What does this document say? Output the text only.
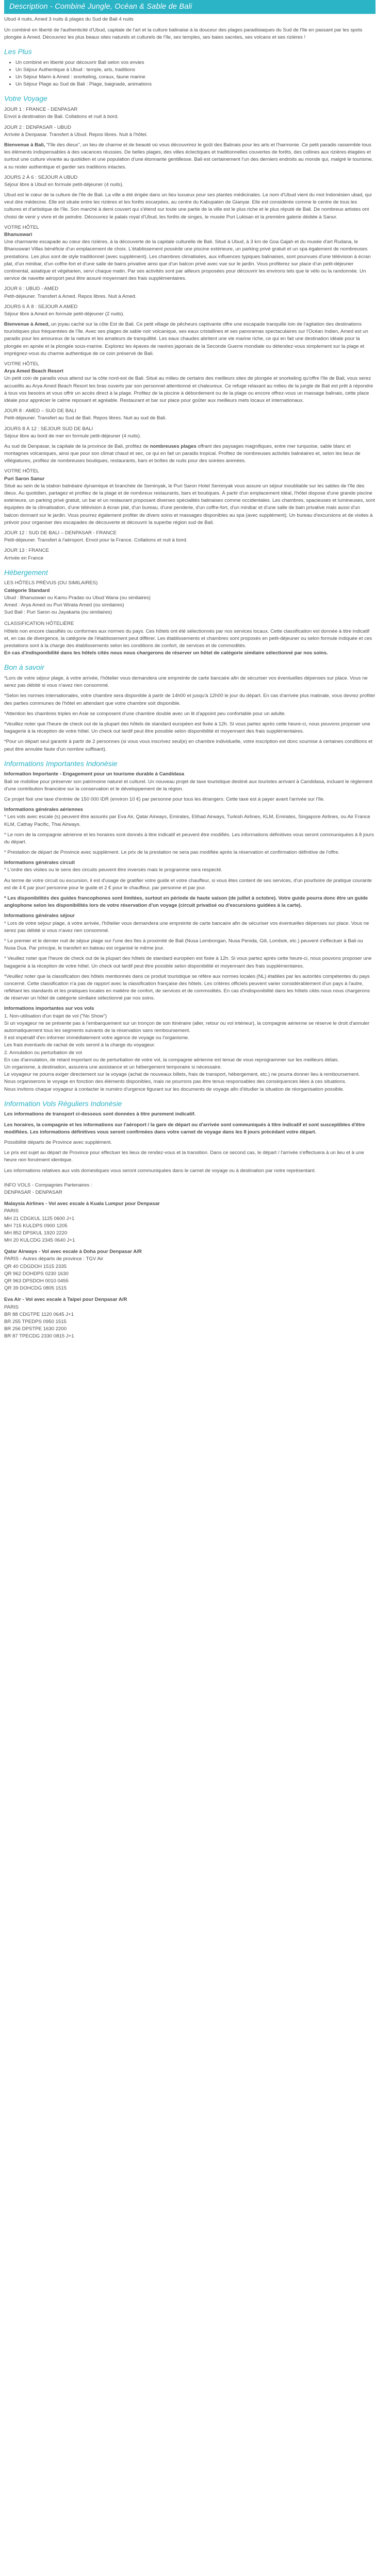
Description - Combiné Jungle, Océan & Sable de Bali

Ubud 4 nuits, Amed 3 nuits & plages du Sud de Bali 4 nuits

Un combiné en liberté de l'authenticité d'Ubud, capitale de l'art et la culture balinaise à la douceur des plages paradisiaques du Sud de l'île en passant par les spots plongée à Amed. Découvrez les plus beaux sites naturels et culturels de l'île, ses temples, ses baies sacrées, ses volcans et ses rizières !

Les Plus
• Un combiné en liberté pour découvrir Bali selon vos envies
• Un Séjour Authentique à Ubud : temple, arts, traditions
• Un Séjour Marin à Amed : snorkeling, coraux, faune marine
• Un Séjour Plage au Sud de Bali : Plage, baignade, animations
Votre Voyage
JOUR 1 : FRANCE - DENPASAR

Envol à destination de Bali. Collations et nuit à bord.

JOUR 2 : DENPASAR - UBUD

Arrivée à Denpasar. Transfert à Ubud. Repos libres. Nuit à l'hôtel.

Bienvenue à Bali, "l'île des dieux", un lieu de charme et de beauté où vous découvrirez le goût des Balinais pour les arts et l'harmonie. Ce petit paradis rassemble tous les éléments indispensables à des vacances réussies. De belles plages, des villes éclectiques et traditionnelles couvertes de forêts, des collines aux rizières étagées et surtout une culture vivante au quotidien et une population d'une étonnante gentillesse. Bali est certainement l'un des derniers endroits au monde qui, malgré le tourisme, a su rester authentique et garder ses traditions intactes.

JOURS 2 À 6 : SEJOUR A UBUD

Séjour libre à Ubud en formule petit-déjeuner (4 nuits).

Ubud est le cœur de la culture de l'île de Bali. La ville a été érigée dans un lieu luxueux pour ses plantes médicinales. Le nom d'Ubud vient du mot Indonésien ubad, qui veut dire médecine. Elle est située entre les rizières et les forêts escarpées, au centre du Kabupaten de Gianyar. Elle est considérée comme le centre de tous les cultures et d'artistique de l'île. Son marché à demi couvert qui s'étend sur toute une partie de la ville est le plus riche et le plus réputé de Bali. De nombreux artistes ont choisi de venir y vivre et de peindre. Découvrez le palais royal d'Ubud, les forêts de singes, le musée Puri Lukisan et la première galerie dédiée à Sanur.

VOTRE HÔTEL
Bhanuswari

Une charmante escapade au cœur des rizières, à la découverte de la capitale culturelle de Bali. Situé à Ubud, à 3 km de Goa Gajah et du musée d'art Rudana, le Bhanuswari Villas bénéficie d'un emplacement de choix. L'établissement possède une piscine extérieure, un parking privé gratuit et un spa également de nombreuses prestations. Les plus sont de style traditionnel (avec supplément). Les chambres climatisées, aux influences typiques balinaises, sont pourvues d'une télévision à écran plat, d'un minibar, d'un coffre-fort et d'une salle de bains privative ainsi que d'un balcon privé avec vue sur le jardin. Vous profiterez sur place d'un petit-déjeuner continental, asiatique et végétarien, servi chaque matin. Par ses activités sont par ailleurs proposées pour découvrir les environs tels que le vélo ou la randonnée. Un service de navette aéroport peut être assuré moyennant des frais supplémentaires.

JOUR 6 : UBUD - AMED

Petit-déjeuner. Transfert à Amed. Repos libres. Nuit à Amed.

JOURS 6 À 8 : SEJOUR A AMED

Séjour libre à Amed en formule petit-déjeuner (2 nuits).

Bienvenue à Amed, un joyau caché sur la côte Est de Bali. Ce petit village de pêcheurs captivante offre une escapade tranquille loin de l'agitation des destinations touristiques plus fréquentées de l'île. Avec ses plages de sable noir volcanique, ses eaux cristallines et ses panoramas spectaculaires sur l'Océan Indien, Amed est un paradis pour les amoureux de la nature et les amateurs de tranquillité. Les eaux chaudes abritent une vie marine riche, ce qui en fait une destination idéale pour la plongée en apnée et la plongée sous-marine. Explorez les épaves de navires japonais de la Seconde Guerre mondiale ou détendez-vous simplement sur la plage et imprégnez-vous du charme authentique de ce coin préservé de Bali.

VOTRE HÔTEL
Arya Amed Beach Resort

Un petit coin de paradis vous attend sur la côte nord-est de Bali. Situé au milieu de certains des meilleurs sites de plongée et snorkeling qu'offre l'île de Bali, vous serez accueillis au Arya Amed Beach Resort les bras ouverts par son personnel attentionné et chaleureux. Ce refuge relaxant au milieu de la jungle de Bali est prêt à répondre à tous vos besoins et vous offrir un accès direct à la plage. Profitez de la piscine à débordement ou de la plage ou encore offrez-vous un massage balinais, cette place idéale pour apprécier le calme reposant et agréable. Restaurant et bar sur place pour goûter aux meilleurs mets locaux et internationaux.

JOUR 8 : AMED – SUD DE BALI

Petit-déjeuner. Transfert au Sud de Bali. Repos libres. Nuit au sud de Bali.

JOURS 8 À 12 : SEJOUR SUD DE BALI

Séjour libre au bord de mer en formule petit-déjeuner (4 nuits).

Au sud de Denpasar, la capitale de la province de Bali, profitez de nombreuses plages offrant des paysages magnifiques, entre mer turquoise, sable blanc et montagnes volcaniques, ainsi que pour son climat chaud et sec, ce qui en fait un paradis tropical. Profitez de nombreuses activités balnéaires et, selon les lieux de villégiatures, profitez de nombreuses boutiques, restaurants, bars et boîtes de nuits pour des soirées animées.

VOTRE HÔTEL
Puri Saron Sanur

Situé au sein de la station balnéaire dynamique et branchée de Seminyak, le Puri Saron Hotel Seminyak vous assure un séjour inoubliable sur les sables de l'île des dieux. Au quotidien, partagez et profitez de la plage et de nombreux restaurants, bars et boutiques. À partir d'un emplacement idéal, l'hôtel dispose d'une grande piscine extérieure, un parking privé gratuit, un bar et un restaurant proposant diverses spécialités balinaises comme occidentales. Les chambres, spacieuses et lumineuses, sont équipées de la climatisation, d'une télévision à écran plat, d'un bureau, d'une penderie, d'un coffre-fort, d'un minibar et d'une salle de bain privative mais aussi d'un balcon donnant sur le jardin. Vous pourrez également profiter de divers soins et massages disponibles au spa (avec supplément). Un bureau d'excursions et de visites à prévoir pour organiser des escapades de découverte et découvrir la superbe région sud de Bali.

JOUR 12 : SUD DE BALI – DENPASAR - FRANCE

Petit-déjeuner. Transfert à l'aéroport. Envol pour la France. Collations et nuit à bord.

JOUR 13 : FRANCE

Arrivée en France

Hébergement
LES HÔTELS PRÉVUS (OU SIMILAIRES)
Catégorie Standard
Ubud : Bhanuswari ou Kamu Pradas ou Ubud Wana (ou similaires)
Amed : Arya Amed ou Puri Wirata Amed (ou similaires)
Sud Bali : Puri Saron ou Jayakarta (ou similaires)
CLASSIFICATION HÔTELIÈRE

Hôtels non encore classifiés ou conformes aux normes du pays. Ces hôtels ont été sélectionnés par nos services locaux. Cette classification est donnée à titre indicatif et, en cas de divergence, la catégorie de l'établissement peut différer. Les établissements et chambres sont proposés en petit-déjeuner ou selon formule indiquée et ces prestations sont à la charge des établissements selon les conditions de confort, de services et de commodités.
En cas d'indisponibilité dans les hôtels cités nous nous chargerons de réserver un hôtel de catégorie similaire sélectionné par nos soins.

Bon à savoir

*Lors de votre séjour plage, à votre arrivée, l'hôtelier vous demandera une empreinte de carte bancaire afin de sécuriser vos éventuelles dépenses sur place. Vous ne serez pas débité si vous n'avez rien consommé.

*Selon les normes internationales, votre chambre sera disponible à partir de 14h00 et jusqu'à 12h00 le jour du départ. En cas d'arrivée plus matinale, vous devrez profiter des parties communes de l'hôtel en attendant que votre chambre soit disponible.

*Attention les chambres triples en Asie se composent d'une chambre double avec un lit d'appoint peu confortable pour un adulte.

*Veuillez noter que l'heure de check out de la plupart des hôtels de standard européen est fixée à 12h. Si vous partez après cette heure-ci, nous pouvons proposer une bagagerie à la réception de votre hôtel. Un check out tardif peut être possible selon disponibilité et moyennant des frais supplémentaires.

*Pour un départ seul garantir à partir de 2 personnes (si vous vous inscrivez seul(e) en chambre individuelle, votre inscription est donc soumise à certaines conditions et peut être annulée faute d'un nombre suffisant).

Informations Importantes Indonésie
Information Importante - Engagement pour un tourisme durable à Candidasa

Bali se mobilise pour préserver son patrimoine naturel et culturel. Un nouveau projet de taxe touristique destiné aux touristes arrivant à Candidasa, incluant le règlement d'une contribution financière sur la conservation et le développement de la région.

Ce projet fixé une taxe d'entrée de 150 000 IDR (environ 10 €) par personne pour tous les étrangers. Cette taxe est à payer avant l'arrivée sur l'île.

Informations générales aériennes

* Les vols avec escale (s) peuvent être assurés par Eva Air, Qatar Airways, Emirates, Etihad Airways, Turkish Airlines, KLM, Emirates, Singapore Airlines, ou Air France KLM, Cathay Pacific, Thai Airways.

* Le nom de la compagnie aérienne et les horaires sont donnés à titre indicatif et peuvent être modifiés. Les informations définitives vous seront communiquées à 8 jours du départ.

* Prestation de départ de Province avec supplément. Le prix de la prestation ne sera pas modifiée après la réservation et confirmation définitive de l'offre.

Informations générales circuit

* L'ordre des visites ou le sens des circuits peuvent être inversés mais le programme sera respecté.

Au terme de votre circuit ou excursion, il est d'usage de gratifier votre guide et votre chauffeur, si vous êtes content de ses services, d'un pourboire de pratique courante est de 4 € par jour/ personne pour le guide et 2 € pour le chauffeur, par personne et par jour.

* Les disponibilités des guides francophones sont limitées, surtout en période de haute saison (de juillet à octobre). Votre guide pourra donc être un guide anglophone selon les disponibilités lors de votre réservation d'un voyage (circuit privatisé ou d'excursions guidées à la carte).

Informations générales séjour

* Lors de votre séjour plage, à votre arrivée, l'hôtelier vous demandera une empreinte de carte bancaire afin de sécuriser vos éventuelles dépenses sur place. Vous ne serez pas débité si vous n'avez rien consommé.

* Le premier et le dernier nuit de séjour plage sur l'une des îles à proximité de Bali (Nusa Lembongan, Nusa Penida, Gili, Lombok, etc.) peuvent s'effectuer à Bali ou Nusa Dua. Par principe, le transfert en bateau est organisé le même jour.

* Veuillez noter que l'heure de check out de la plupart des hôtels de standard européen est fixée à 12h. Si vous partez après cette heure-ci, nous pouvons proposer une bagagerie à la réception de votre hôtel. Un check out tardif peut être possible selon disponibilité et moyennant des frais supplémentaires.

*Veuillez noter que la classification des hôtels mentionnés dans ce produit touristique se réfère aux normes locales (NL) établies par les autorités compétentes du pays concerné. Cette classification n'a pas de rapport avec la classification française des hôtels. Les critères officiels peuvent varier considérablement d'un pays à l'autre, reflétant les standards et les pratiques locales en matière de confort, de services et de commodités. En cas d'indisponibilité dans les hôtels cités nous nous chargerons de réserver un hôtel de catégorie similaire sélectionné par nos soins.

Informations importantes sur vos vols
1. Non-utilisation d'un trajet de vol ("No Show")
Si un voyageur ne se présente pas à l'embarquement sur un tronçon de son itinéraire (aller, retour ou vol intérieur), la compagnie aérienne se réserve le droit d'annuler automatiquement tous les segments suivants de la réservation sans remboursement.
Il est impératif d'en informer immédiatement votre agence de voyage ou l'organisme.
Les frais éventuels de rachat de vols seront à la charge du voyageur.
2. Annulation ou perturbation de vol
En cas d'annulation, de retard important ou de perturbation de votre vol, la compagnie aérienne est tenue de vous reprogrammer sur les meilleurs délais.
Un organisme, à destination, assurera une assistance et un hébergement temporaire si nécessaire.
Le voyageur ne pourra exiger directement sur la voyage (achat de nouveaux billets, frais de transport, hébergement, etc.) ne pourra donner lieu à remboursement.
Nous organiserons le voyage en fonction des éléments disponibles, mais ne pourrons pas être tenus responsables des conséquences liées à ces situations.
Nous invitons chaque voyageur à contacter le numéro d'urgence figurant sur les documents de voyage afin d'étudier la situation de réorganisation possible.
Information Vols Réguliers Indonésie

Les informations de transport ci-dessous sont données à titre purement indicatif.

Les horaires, la compagnie et les informations sur l'aéroport / la gare de départ ou d'arrivée sont communiqués à titre indicatif et sont susceptibles d'être modifiées. Les informations définitives vous seront confirmées dans votre carnet de voyage dans les 8 jours précédant votre départ.

Possibilité départs de Province avec supplément.

Le prix est sujet au départ de Province pour effectuer les lieux de rendez-vous et la transition. Dans ce second cas, le départ / l'arrivée s'effectuera à un lieu et à une heure non forcément identique.

Les informations relatives aux vols domestiques vous seront communiquées dans le carnet de voyage ou à destination par notre représentant.

INFO VOLS - Compagnies Partenaires :
DENPASAR - DENPASAR
Malaysia Airlines - Vol avec escale à Kuala Lumpur pour Denpasar
PARIS
MH 21 CDGKUL 1125 0600 J+1
MH 715 KULDPS 0900 1205
MH 852 DPSKUL 1920 2220
MH 20 KULCDG 2345 0640 J+1
Qatar Airways - Vol avec escale à Doha pour Denpasar A/R
PARIS - Autres départs de province : TGV Air
QR 40 CDGDOH 1515 2335
QR 962 DOHDPS 0230 1630
QR 963 DPSDOH 0010 0455
QR 39 DOHCDG 0805 1515
Eva Air - Vol avec escale à Taipei pour Denpasar A/R
PARIS
BR 88 CDGTPE 1120 0645 J+1
BR 255 TPEDPS 0950 1515
BR 256 DPSTPE 1630 2200
BR 87 TPECDG 2330 0815 J+1
